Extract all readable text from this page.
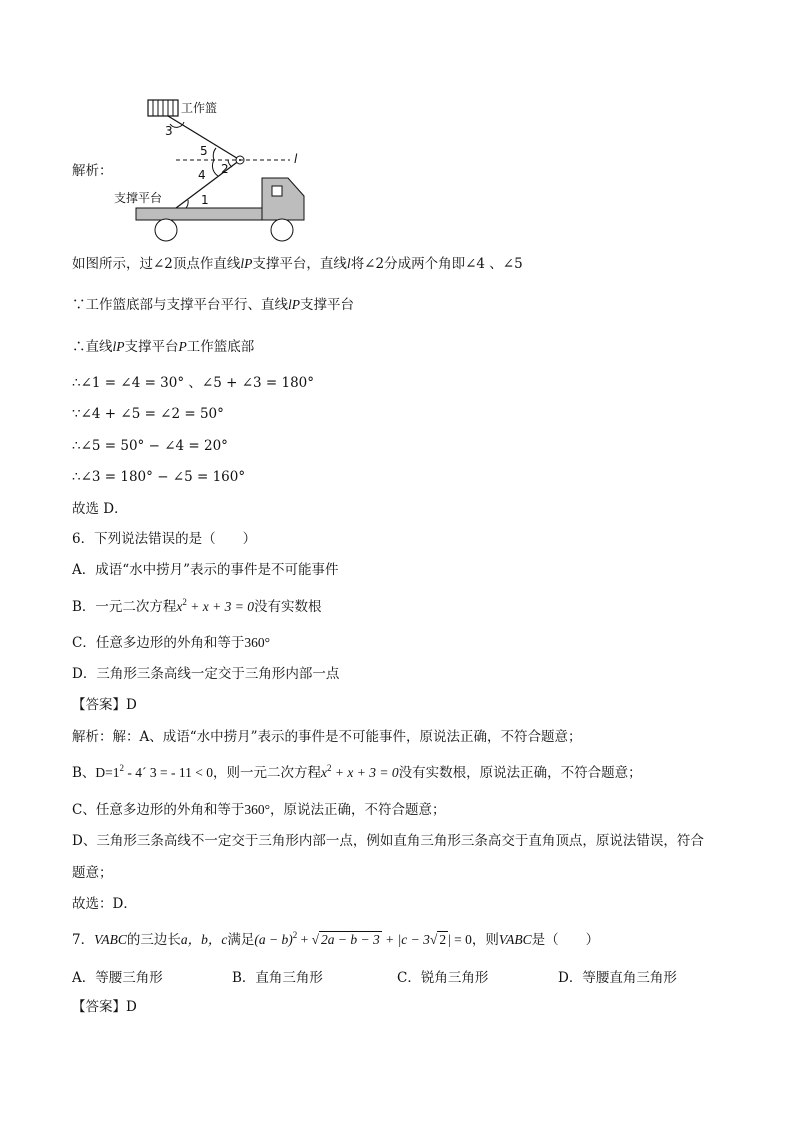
解析：
工作篮
l
3
5
4 2
1
支撑平台
如图所示，过∠2顶点作直线lP支撑平台，直线l将∠2分成两个角即∠4 、∠5
∵工作篮底部与支撑平台平行、直线lP支撑平台
∴直线lP支撑平台P工作篮底部
∴∠1 = ∠4 = 30° 、∠5 + ∠3 = 180°
∵∠4 + ∠5 = ∠2 = 50°
∴∠5 = 50° − ∠4 = 20°
∴∠3 = 180° − ∠5 = 160°
故选 D．
6．下列说法错误的是（　　）
A．成语“水中捞月”表示的事件是不可能事件
B．一元二次方程$x^2 + x + 3 = 0$没有实数根
C．任意多边形的外角和等于360°
D．三角形三条高线一定交于三角形内部一点
【答案】D
解析：解：A、成语“水中捞月”表示的事件是不可能事件，原说法正确，不符合题意；
B、$D=1^2$ - 4´ 3 = - 11 < 0，则一元二次方程$x^2 + x + 3 = 0$没有实数根，原说法正确，不符合题意；
C、任意多边形的外角和等于360°，原说法正确，不符合题意；
D、三角形三条高线不一定交于三角形内部一点，例如直角三角形三条高交于直角顶点，原说法错误，符合
题意；
故选：D．
7．VABC的三边长a，b，c满足$(a - b)^2$ + √ 2a − b − 3 + |c − 3√ 2 | = 0，则VABC是（　　）
A．等腰三角形	B．直角三角形	C．锐角三角形	D．等腰直角三角形
【答案】D
